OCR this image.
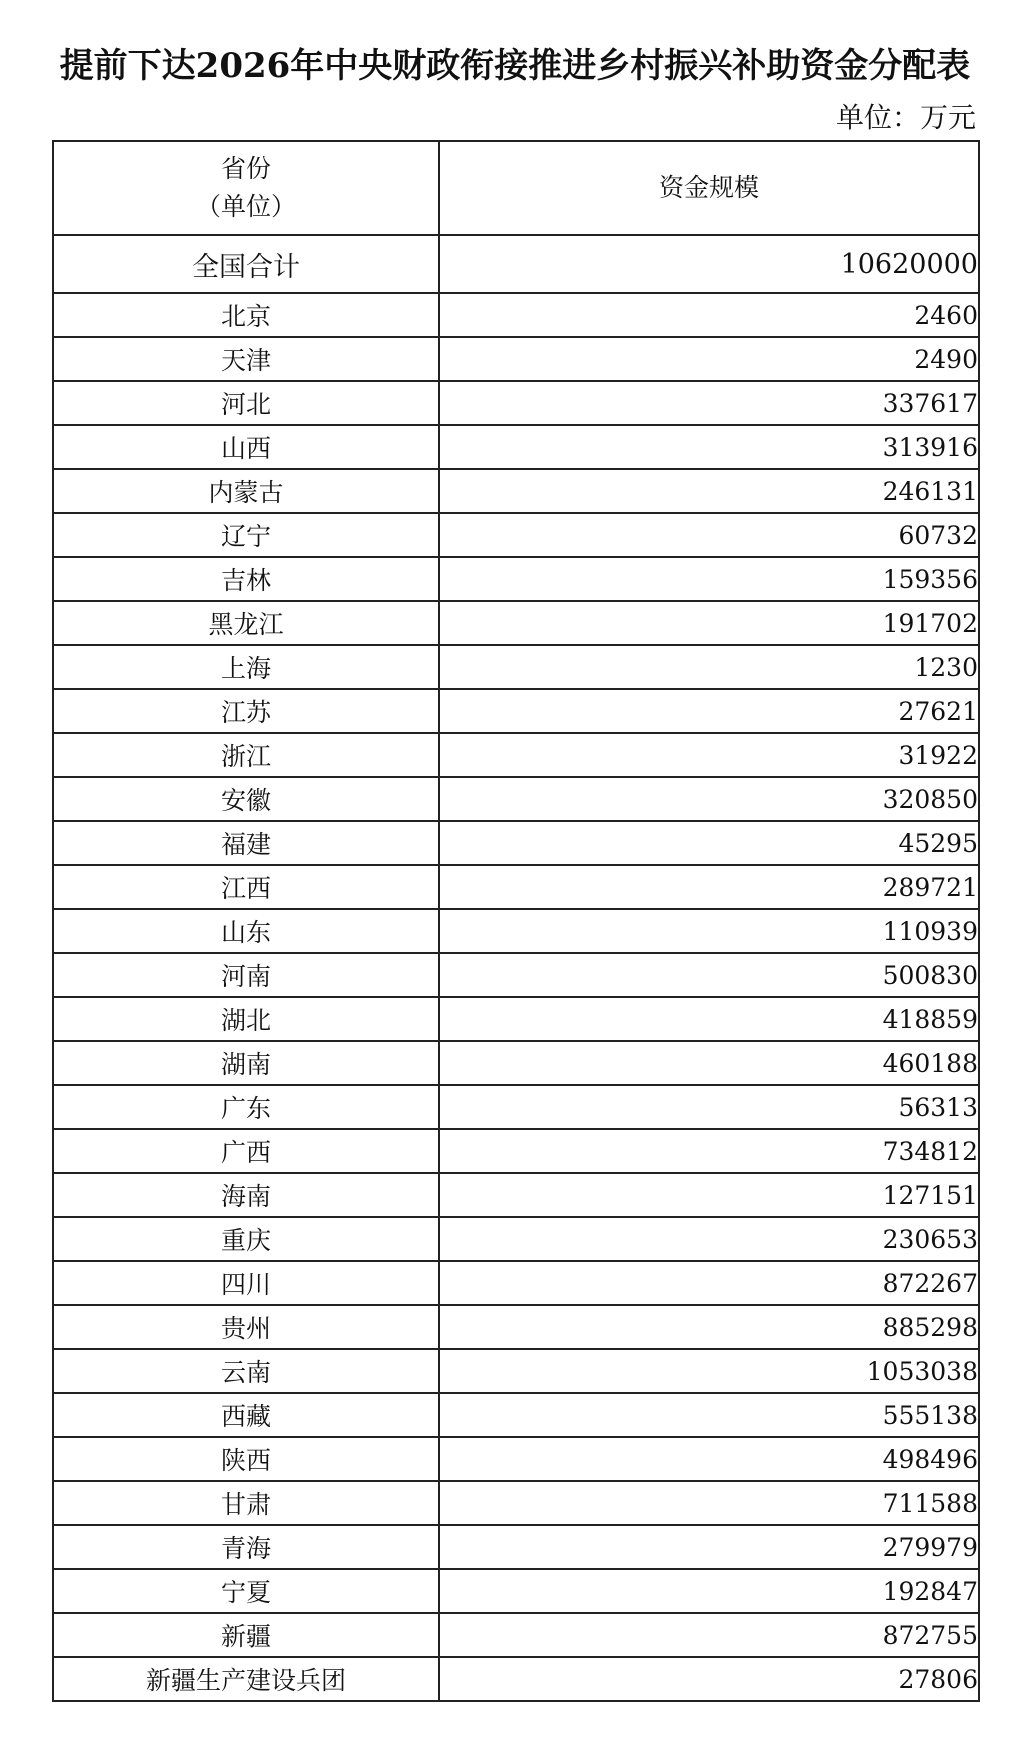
提前下达2026年中央财政衔接推进乡村振兴补助资金分配表
单位：万元
省份
（单位）	资金规模
全国合计	10620000
北京	2460
天津	2490
河北	337617
山西	313916
内蒙古	246131
辽宁	60732
吉林	159356
黑龙江	191702
上海	1230
江苏	27621
浙江	31922
安徽	320850
福建	45295
江西	289721
山东	110939
河南	500830
湖北	418859
湖南	460188
广东	56313
广西	734812
海南	127151
重庆	230653
四川	872267
贵州	885298
云南	1053038
西藏	555138
陕西	498496
甘肃	711588
青海	279979
宁夏	192847
新疆	872755
新疆生产建设兵团	27806
